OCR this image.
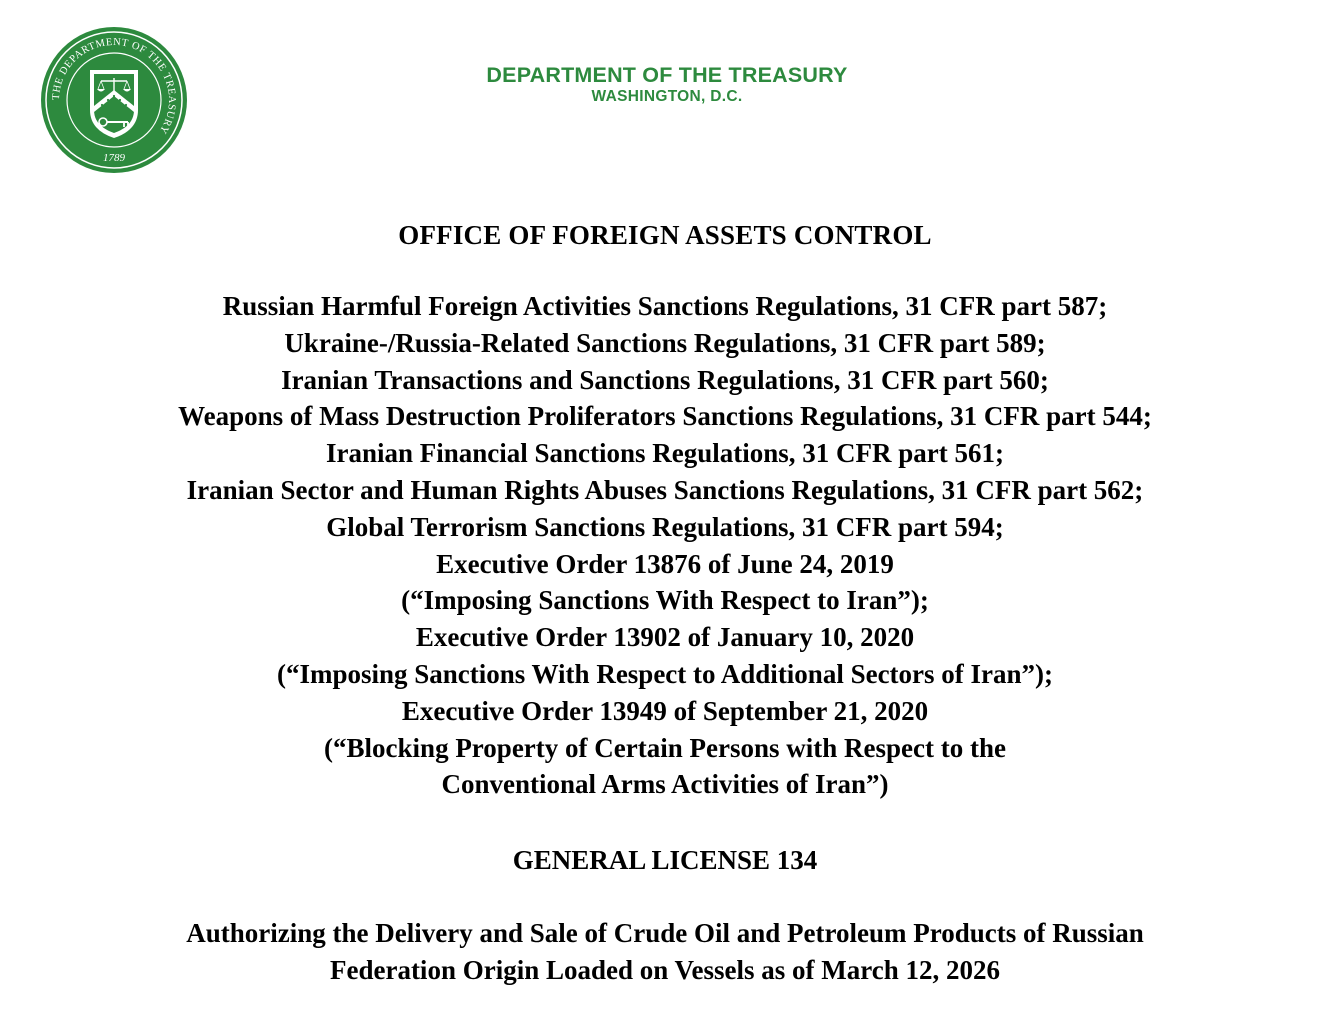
THE DEPARTMENT OF THE TREASURY
1789
DEPARTMENT OF THE TREASURY
WASHINGTON, D.C.
OFFICE OF FOREIGN ASSETS CONTROL
Russian Harmful Foreign Activities Sanctions Regulations, 31 CFR part 587;
Ukraine-/Russia-Related Sanctions Regulations, 31 CFR part 589;
Iranian Transactions and Sanctions Regulations, 31 CFR part 560;
Weapons of Mass Destruction Proliferators Sanctions Regulations, 31 CFR part 544;
Iranian Financial Sanctions Regulations, 31 CFR part 561;
Iranian Sector and Human Rights Abuses Sanctions Regulations, 31 CFR part 562;
Global Terrorism Sanctions Regulations, 31 CFR part 594;
Executive Order 13876 of June 24, 2019
(“Imposing Sanctions With Respect to Iran”);
Executive Order 13902 of January 10, 2020
(“Imposing Sanctions With Respect to Additional Sectors of Iran”);
Executive Order 13949 of September 21, 2020
(“Blocking Property of Certain Persons with Respect to the
Conventional Arms Activities of Iran”)
GENERAL LICENSE 134
Authorizing the Delivery and Sale of Crude Oil and Petroleum Products of Russian
Federation Origin Loaded on Vessels as of March 12, 2026
